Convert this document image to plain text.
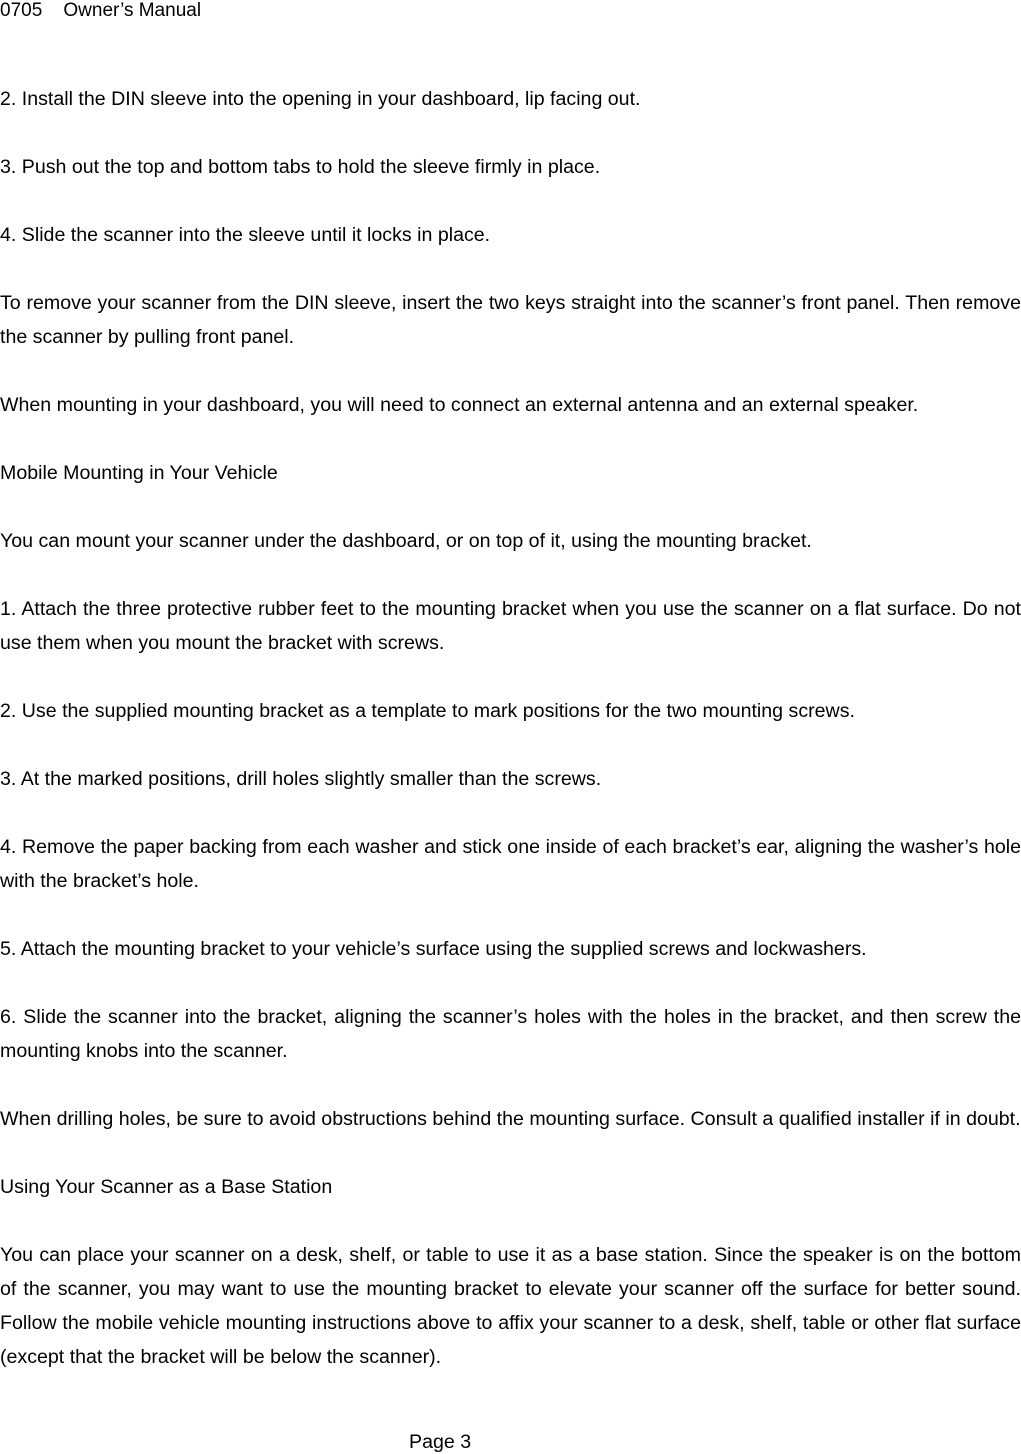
0705 Owner’s Manual

2. Install the DIN sleeve into the opening in your dashboard, lip facing out.

3. Push out the top and bottom tabs to hold the sleeve firmly in place.

4. Slide the scanner into the sleeve until it locks in place.

To remove your scanner from the DIN sleeve, insert the two keys straight into the scanner’s front panel. Then remove the scanner by pulling front panel.

When mounting in your dashboard, you will need to connect an external antenna and an external speaker.

Mobile Mounting in Your Vehicle

You can mount your scanner under the dashboard, or on top of it, using the mounting bracket.

1. Attach the three protective rubber feet to the mounting bracket when you use the scanner on a flat surface. Do not use them when you mount the bracket with screws.

2. Use the supplied mounting bracket as a template to mark positions for the two mounting screws.

3. At the marked positions, drill holes slightly smaller than the screws.

4. Remove the paper backing from each washer and stick one inside of each bracket’s ear, aligning the washer’s hole with the bracket’s hole.

5. Attach the mounting bracket to your vehicle’s surface using the supplied screws and lockwashers.

6. Slide the scanner into the bracket, aligning the scanner’s holes with the holes in the bracket, and then screw the mounting knobs into the scanner.

When drilling holes, be sure to avoid obstructions behind the mounting surface. Consult a qualified installer if in doubt.

Using Your Scanner as a Base Station

You can place your scanner on a desk, shelf, or table to use it as a base station. Since the speaker is on the bottom of the scanner, you may want to use the mounting bracket to elevate your scanner off the surface for better sound. Follow the mobile vehicle mounting instructions above to affix your scanner to a desk, shelf, table or other flat surface (except that the bracket will be below the scanner).

Page 3
